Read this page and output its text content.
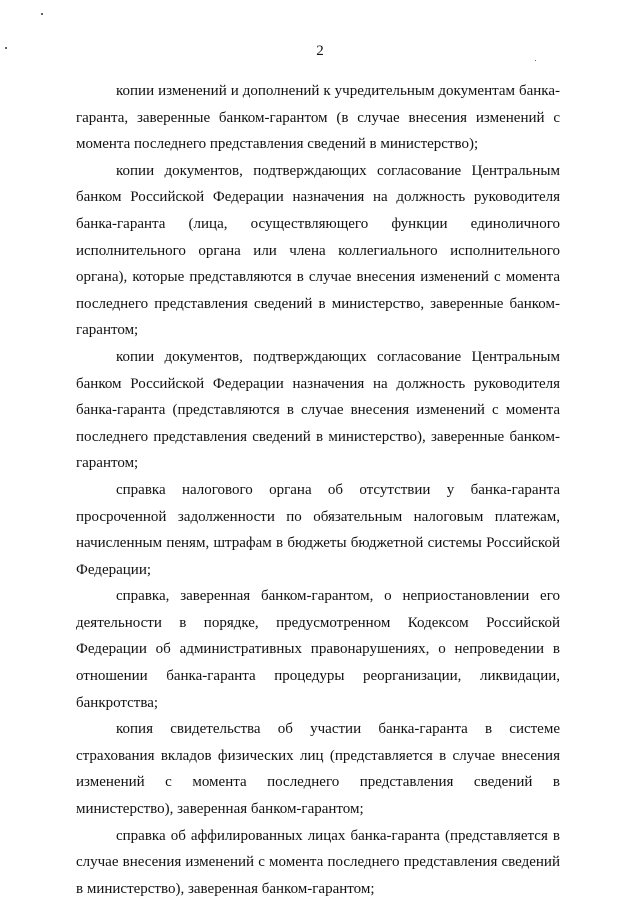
2

копии изменений и дополнений к учредительным документам банка-гаранта, заверенные банком-гарантом (в случае внесения изменений с момента последнего представления сведений в министерство);

копии документов, подтверждающих согласование Центральным банком Российской Федерации назначения на должность руководителя банка-гаранта (лица, осуществляющего функции единоличного исполнительного органа или члена коллегиального исполнительного органа), которые представляются в случае внесения изменений с момента последнего представления сведений в министерство, заверенные банком-гарантом;

копии документов, подтверждающих согласование Центральным банком Российской Федерации назначения на должность руководителя банка-гаранта (представляются в случае внесения изменений с момента последнего представления сведений в министерство), заверенные банком-гарантом;

справка налогового органа об отсутствии у банка-гаранта просроченной задолженности по обязательным налоговым платежам, начисленным пеням, штрафам в бюджеты бюджетной системы Российской Федерации;

справка, заверенная банком-гарантом, о неприостановлении его деятельности в порядке, предусмотренном Кодексом Российской Федерации об административных правонарушениях, о непроведении в отношении банка-гаранта процедуры реорганизации, ликвидации, банкротства;

копия свидетельства об участии банка-гаранта в системе страхования вкладов физических лиц (представляется в случае внесения изменений с момента последнего представления сведений в министерство), заверенная банком-гарантом;

справка об аффилированных лицах банка-гаранта (представляется в случае внесения изменений с момента последнего представления сведений в министерство), заверенная банком-гарантом;
